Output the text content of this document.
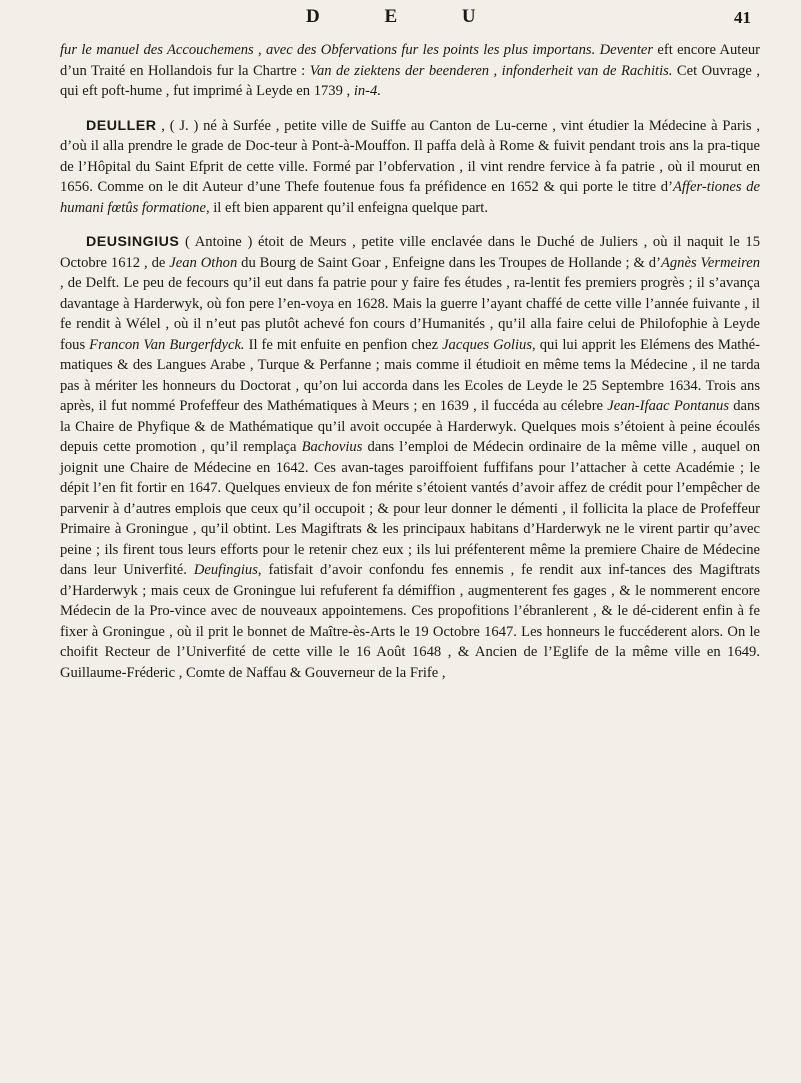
D E U	41

fur le manuel des Accouchemens , avec des Obfervations fur les points les plus importans. Deventer eft encore Auteur d’un Traité en Hollandois fur la Chartre : Van de ziektens der beenderen , infonderheit van de Rachitis. Cet Ouvrage , qui eft poft-hume , fut imprimé à Leyde en 1739 , in-4.

DEULLER , ( J. ) né à Surfée , petite ville de Suiffe au Canton de Lu-cerne , vint étudier la Médecine à Paris , d’où il alla prendre le grade de Doc-teur à Pont-à-Mouffon. Il paffa delà à Rome & fuivit pendant trois ans la pra-tique de l’Hôpital du Saint Efprit de cette ville. Formé par l’obfervation , il vint rendre fervice à fa patrie , où il mourut en 1656. Comme on le dit Auteur d’une Thefe foutenue fous fa préfidence en 1652 & qui porte le titre d’Affer-tiones de humani fœtûs formatione, il eft bien apparent qu’il enfeigna quelque part.

DEUSINGIUS ( Antoine ) étoit de Meurs , petite ville enclavée dans le Duché de Juliers , où il naquit le 15 Octobre 1612 , de Jean Othon du Bourg de Saint Goar , Enfeigne dans les Troupes de Hollande ; & d’Agnès Vermeiren , de Delft. Le peu de fecours qu’il eut dans fa patrie pour y faire fes études , ra-lentit fes premiers progrès ; il s’avança davantage à Harderwyk, où fon pere l’en-voya en 1628. Mais la guerre l’ayant chaffé de cette ville l’année fuivante , il fe rendit à Wélel , où il n’eut pas plutôt achevé fon cours d’Humanités , qu’il alla faire celui de Philofophie à Leyde fous Francon Van Burgerfdyck. Il fe mit enfuite en penfion chez Jacques Golius, qui lui apprit les Elémens des Mathé-matiques & des Langues Arabe , Turque & Perfanne ; mais comme il étudioit en même tems la Médecine , il ne tarda pas à mériter les honneurs du Doctorat , qu’on lui accorda dans les Ecoles de Leyde le 25 Septembre 1634. Trois ans après, il fut nommé Profeffeur des Mathématiques à Meurs ; en 1639 , il fuccéda au célebre Jean-Ifaac Pontanus dans la Chaire de Phyfique & de Mathématique qu’il avoit occupée à Harderwyk. Quelques mois s’étoient à peine écoulés depuis cette promotion , qu’il remplaça Bachovius dans l’emploi de Médecin ordinaire de la même ville , auquel on joignit une Chaire de Médecine en 1642. Ces avan-tages paroiffoient fuffifans pour l’attacher à cette Académie ; le dépit l’en fit fortir en 1647. Quelques envieux de fon mérite s’étoient vantés d’avoir affez de crédit pour l’empêcher de parvenir à d’autres emplois que ceux qu’il occupoit ; & pour leur donner le démenti , il follicita la place de Profeffeur Primaire à Groningue , qu’il obtint. Les Magiftrats & les principaux habitans d’Harderwyk ne le virent partir qu’avec peine ; ils firent tous leurs efforts pour le retenir chez eux ; ils lui préfenterent même la premiere Chaire de Médecine dans leur Univerfité. Deufingius, fatisfait d’avoir confondu fes ennemis , fe rendit aux inf-tances des Magiftrats d’Harderwyk ; mais ceux de Groningue lui refuferent fa démiffion , augmenterent fes gages , & le nommerent encore Médecin de la Pro-vince avec de nouveaux appointemens. Ces propofitions l’ébranlerent , & le dé-ciderent enfin à fe fixer à Groningue , où il prit le bonnet de Maître-ès-Arts le 19 Octobre 1647. Les honneurs le fuccéderent alors. On le choifit Recteur de l’Univerfité de cette ville le 16 Août 1648 , & Ancien de l’Eglife de la même ville en 1649. Guillaume-Fréderic , Comte de Naffau & Gouverneur de la Frife ,
